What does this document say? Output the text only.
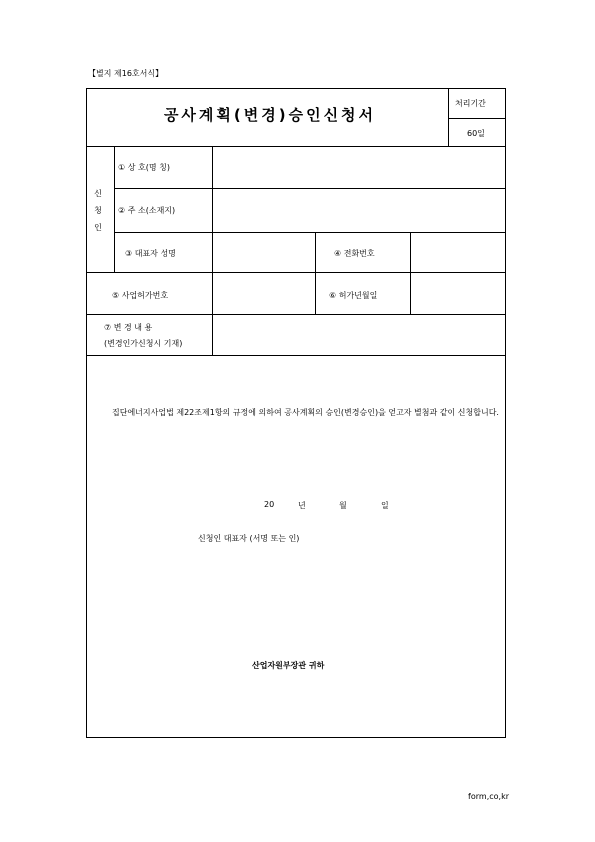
【별지 제16호서식】
공사계획(변경)승인신청서
처리기간
60일
신
청
인
① 상 호(명 칭)
② 주 소(소재지)
③ 대표자 성명	④ 전화번호
⑤ 사업허가번호	⑥ 허가년월일
⑦ 변 경 내 용
(변경인가신청시 기재)
집단에너지사업법 제22조제1항의 규정에 의하여 공사계획의 승인(변경승인)을 얻고자 별첨과 같이 신청합니다.
20	년	월	일
신청인 대표자 (서명 또는 인)
산업자원부장관 귀하
form,co,kr
